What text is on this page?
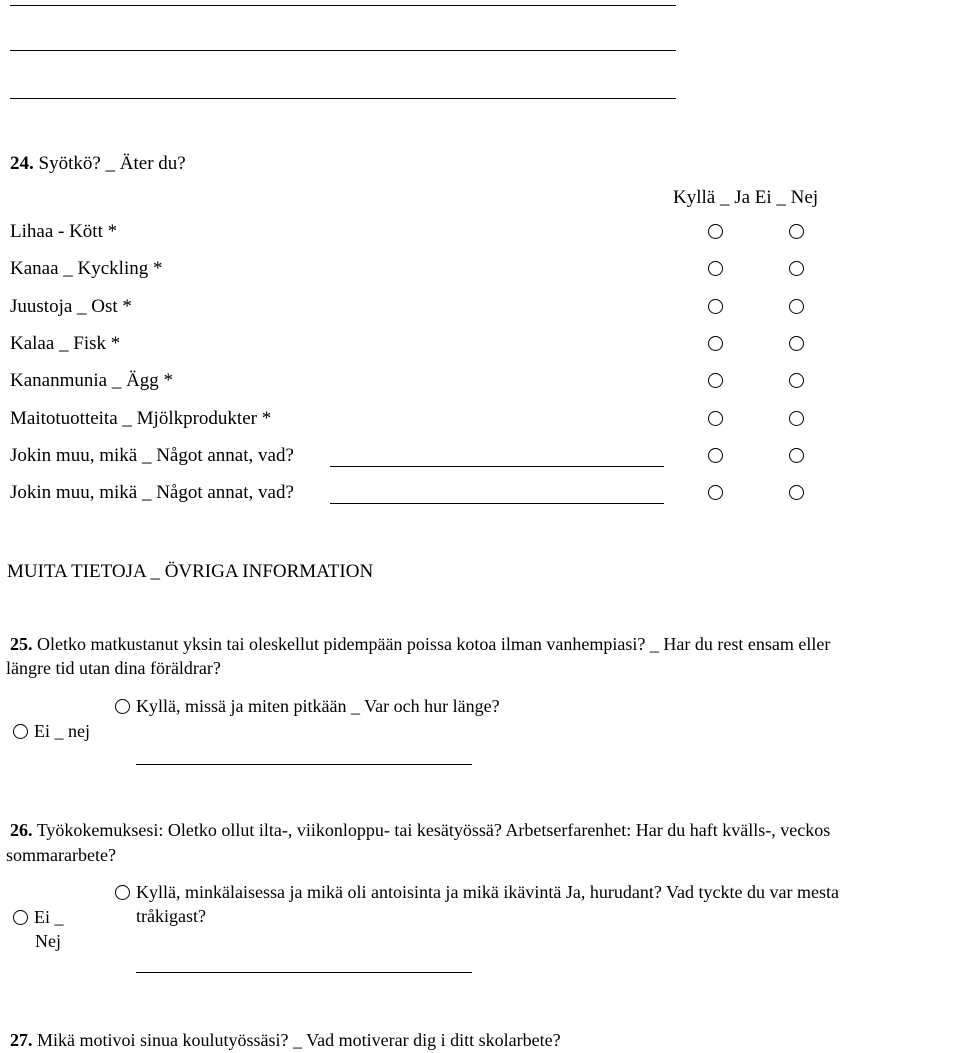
24. Syötkö? _ Äter du?
Kyllä _ Ja Ei _ Nej
Lihaa - Kött *
Kanaa _ Kyckling *
Juustoja _ Ost *
Kalaa _ Fisk *
Kananmunia _ Ägg *
Maitotuotteita _ Mjölkprodukter *
Jokin muu, mikä _ Något annat, vad?
Jokin muu, mikä _ Något annat, vad?
MUITA TIETOJA _ ÖVRIGA INFORMATION
25. Oletko matkustanut yksin tai oleskellut pidempään poissa kotoa ilman vanhempiasi? _ Har du rest ensam eller
längre tid utan dina föräldrar?
Kyllä, missä ja miten pitkään _ Var och hur länge?
Ei _ nej
26. Työkokemuksesi: Oletko ollut ilta-, viikonloppu- tai kesätyössä? Arbetserfarenhet: Har du haft kvälls-, veckos
sommararbete?
Kyllä, minkälaisessa ja mikä oli antoisinta ja mikä ikävintä Ja, hurudant? Vad tyckte du var mesta
tråkigast?
Ei _
Nej
27. Mikä motivoi sinua koulutyössäsi? _ Vad motiverar dig i ditt skolarbete?
